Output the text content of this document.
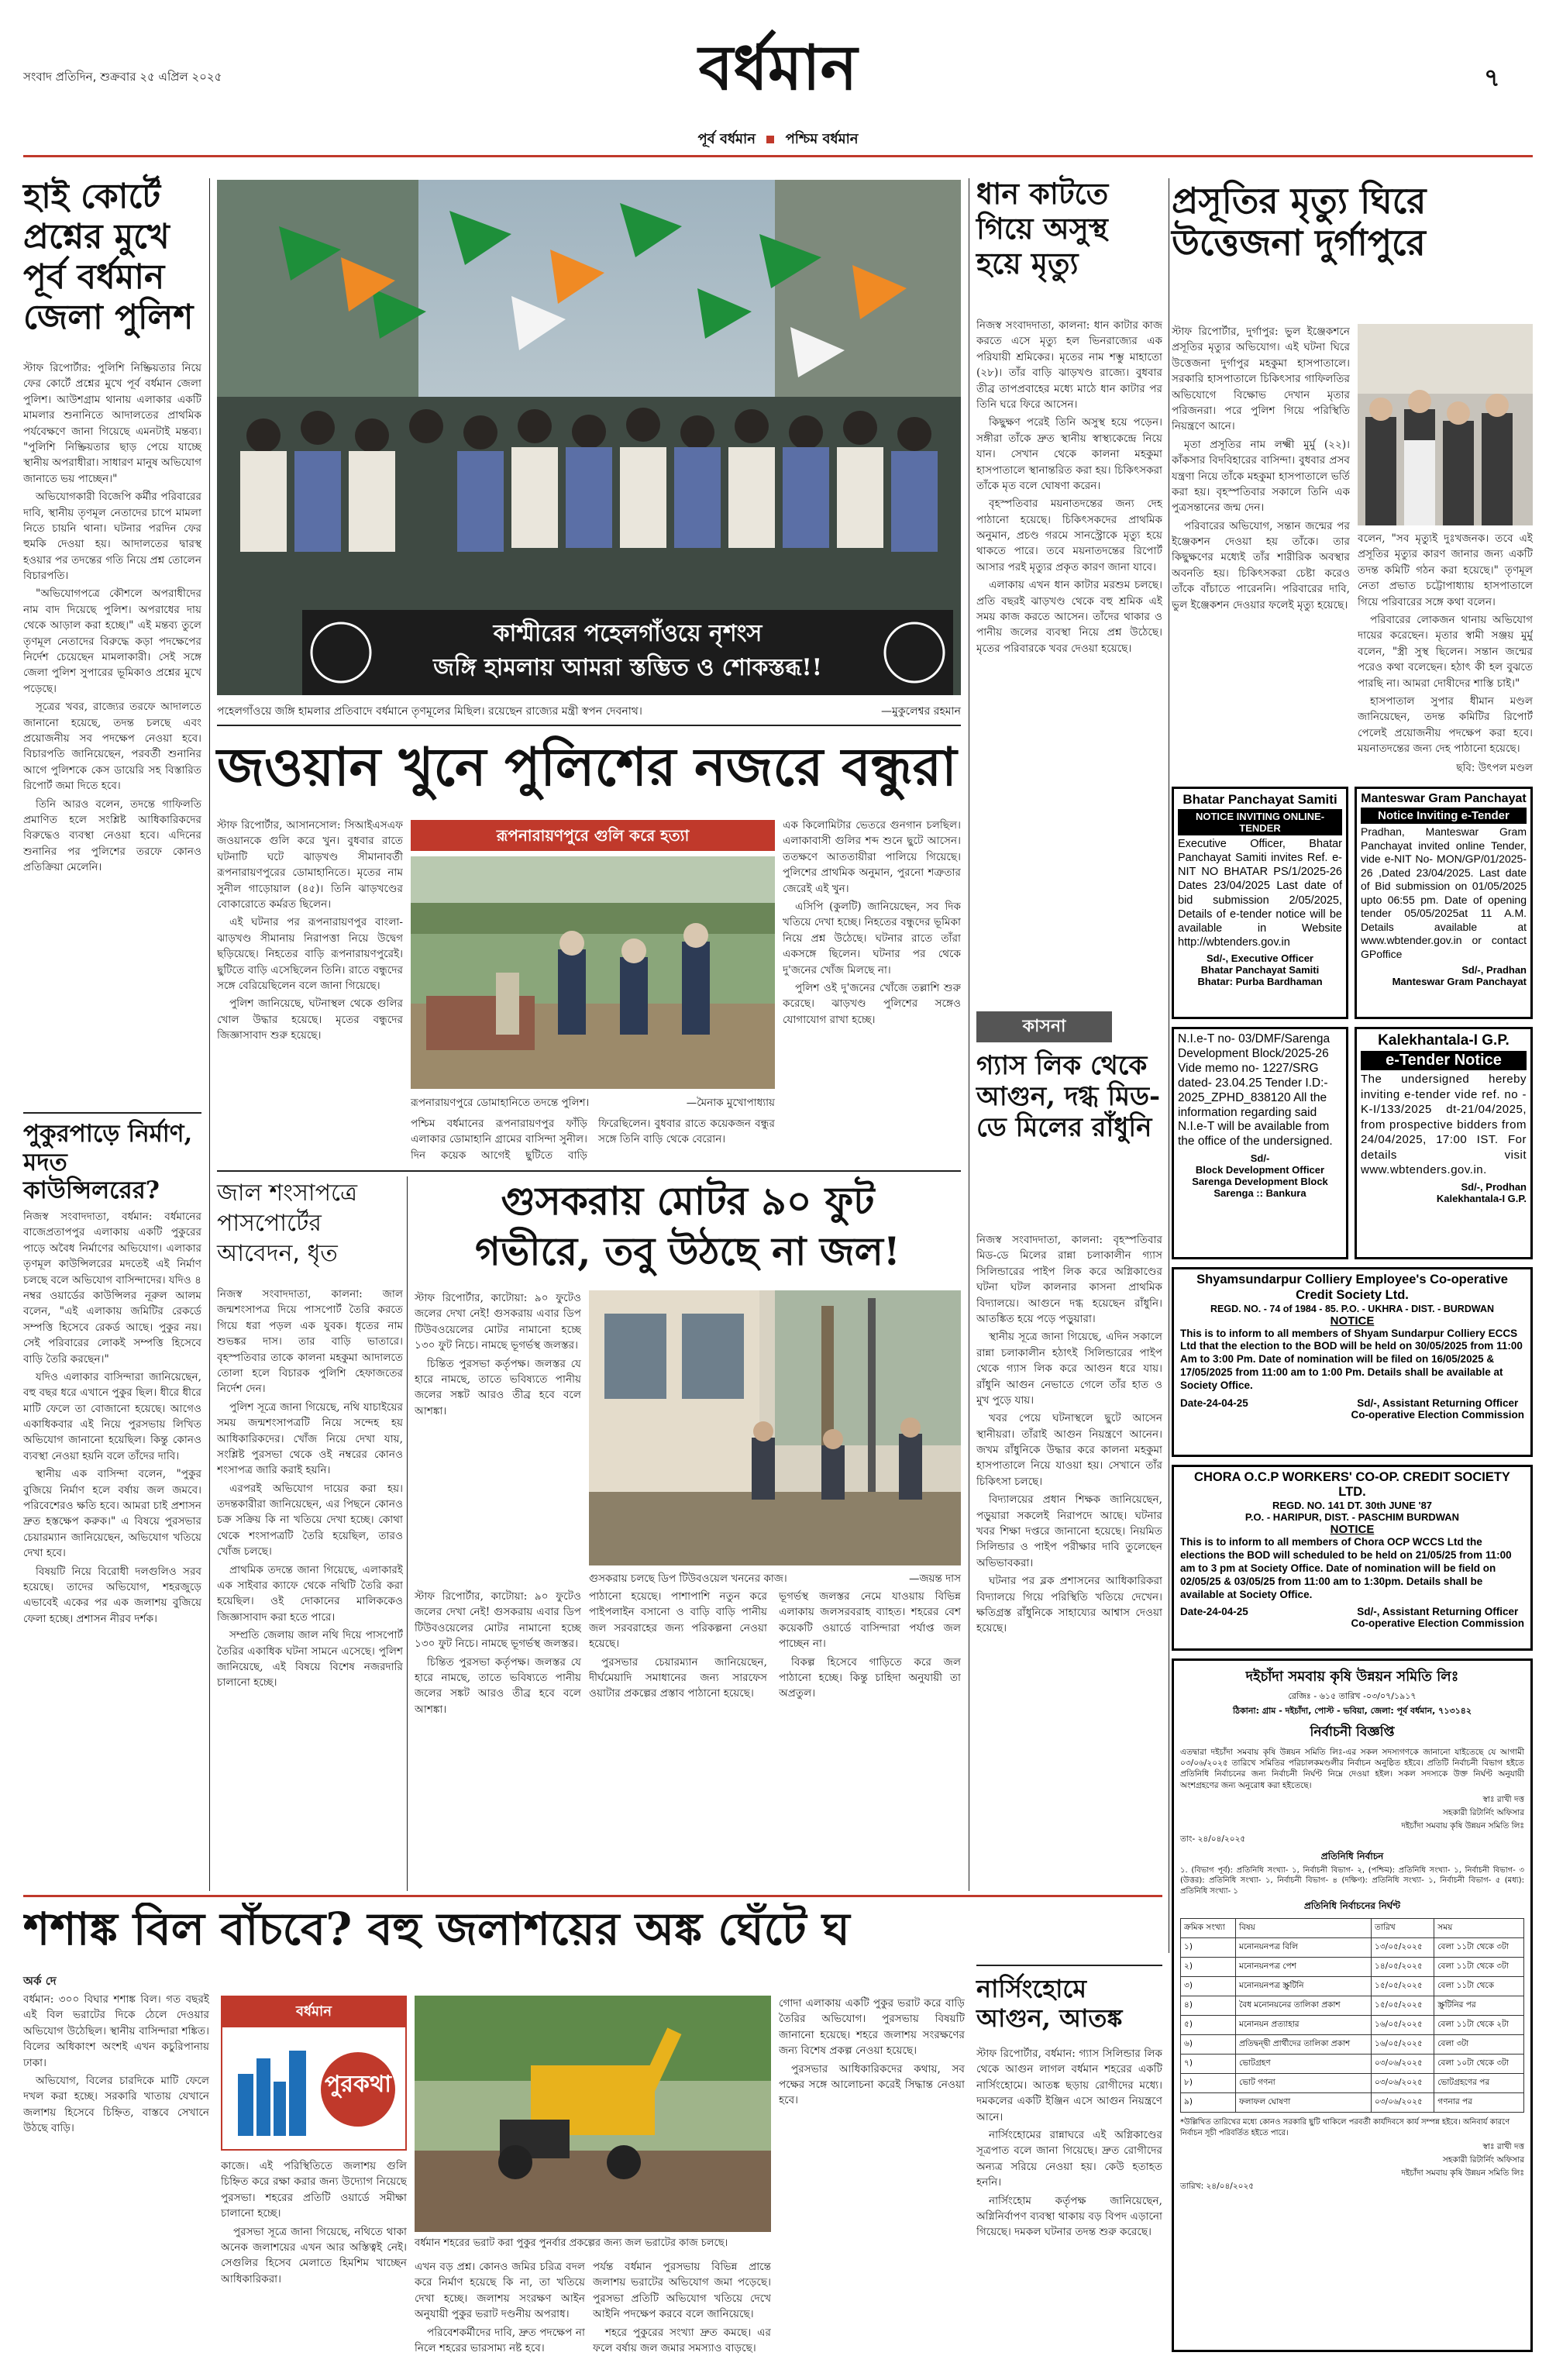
সংবাদ প্রতিদিন, শুক্রবার ২৫ এপ্রিল ২০২৫	বর্ধমান	৭
পূর্ব বর্ধমান পশ্চিম বর্ধমান
হাই কোর্টে প্রশ্নের মুখে পূর্ব বর্ধমান জেলা পুলিশ

স্টাফ রিপোর্টার: পুলিশি নিষ্ক্রিয়তার নিয়ে ফের কোর্টে প্রশ্নের মুখে পূর্ব বর্ধমান জেলা পুলিশ। আউশগ্রাম থানায় এলাকার একটি মামলার শুনানিতে আদালতের প্রাথমিক পর্যবেক্ষণে জানা গিয়েছে এমনটাই মন্তব্য। "পুলিশি নিষ্ক্রিয়তার ছাড় পেয়ে যাচ্ছে স্থানীয় অপরাধীরা। সাধারণ মানুষ অভিযোগ জানাতে ভয় পাচ্ছেন।"

অভিযোগকারী বিজেপি কর্মীর পরিবারের দাবি, স্থানীয় তৃণমূল নেতাদের চাপে মামলা নিতে চায়নি থানা। ঘটনার পরদিন ফের হুমকি দেওয়া হয়। আদালতের দ্বারস্থ হওয়ার পর তদন্তের গতি নিয়ে প্রশ্ন তোলেন বিচারপতি।

"অভিযোগপত্রে কৌশলে অপরাধীদের নাম বাদ দিয়েছে পুলিশ। অপরাধের দায় থেকে আড়াল করা হচ্ছে।" এই মন্তব্য তুলে তৃণমূল নেতাদের বিরুদ্ধে কড়া পদক্ষেপের নির্দেশ চেয়েছেন মামলাকারী। সেই সঙ্গে জেলা পুলিশ সুপারের ভূমিকাও প্রশ্নের মুখে পড়েছে।

সূত্রের খবর, রাজ্যের তরফে আদালতে জানানো হয়েছে, তদন্ত চলছে এবং প্রয়োজনীয় সব পদক্ষেপ নেওয়া হবে। বিচারপতি জানিয়েছেন, পরবর্তী শুনানির আগে পুলিশকে কেস ডায়েরি সহ বিস্তারিত রিপোর্ট জমা দিতে হবে।

তিনি আরও বলেন, তদন্তে গাফিলতি প্রমাণিত হলে সংশ্লিষ্ট আধিকারিকদের বিরুদ্ধেও ব্যবস্থা নেওয়া হবে। এদিনের শুনানির পর পুলিশের তরফে কোনও প্রতিক্রিয়া মেলেনি।

পুকুরপাড়ে নির্মাণ, মদত কাউন্সিলরের?

নিজস্ব সংবাদদাতা, বর্ধমান: বর্ধমানের বাজেপ্রতাপপুর এলাকায় একটি পুকুরের পাড়ে অবৈধ নির্মাণের অভিযোগ। এলাকার তৃণমূল কাউন্সিলরের মদতেই এই নির্মাণ চলছে বলে অভিযোগ বাসিন্দাদের। যদিও ৪ নম্বর ওয়ার্ডের কাউন্সিলর নূরুল আলম বলেন, "এই এলাকায় জমিটির রেকর্ডে সম্পত্তি হিসেবে রেকর্ড আছে। পুকুর নয়। সেই পরিবারের লোকই সম্পত্তি হিসেবে বাড়ি তৈরি করছেন।"

যদিও এলাকার বাসিন্দারা জানিয়েছেন, বহু বছর ধরে এখানে পুকুর ছিল। ধীরে ধীরে মাটি ফেলে তা বোজানো হয়েছে। আগেও একাধিকবার এই নিয়ে পুরসভায় লিখিত অভিযোগ জানানো হয়েছিল। কিন্তু কোনও ব্যবস্থা নেওয়া হয়নি বলে তাঁদের দাবি।

স্থানীয় এক বাসিন্দা বলেন, "পুকুর বুজিয়ে নির্মাণ হলে বর্ষায় জল জমবে। পরিবেশেরও ক্ষতি হবে। আমরা চাই প্রশাসন দ্রুত হস্তক্ষেপ করুক।" এ বিষয়ে পুরসভার চেয়ারম্যান জানিয়েছেন, অভিযোগ খতিয়ে দেখা হবে।

বিষয়টি নিয়ে বিরোধী দলগুলিও সরব হয়েছে। তাদের অভিযোগ, শহরজুড়ে এভাবেই একের পর এক জলাশয় বুজিয়ে ফেলা হচ্ছে। প্রশাসন নীরব দর্শক।

কাশ্মীরের পহেলগাঁওয়ে নৃশংস
জঙ্গি হামলায় আমরা স্তম্ভিত ও শোকস্তব্ধ!!
পহেলগাঁওয়ে জঙ্গি হামলার প্রতিবাদে বর্ধমানে তৃণমূলের মিছিল। রয়েছেন রাজ্যের মন্ত্রী স্বপন দেবনাথ।	—মুকুলেশ্বর রহমান
জওয়ান খুনে পুলিশের নজরে বন্ধুরা

স্টাফ রিপোর্টার, আসানসোল: সিআইএসএফ জওয়ানকে গুলি করে খুন। বুধবার রাতে ঘটনাটি ঘটে ঝাড়খণ্ড সীমানাবর্তী রূপনারায়ণপুরের ডোমাহানিতে। মৃতের নাম সুনীল গাড়োয়াল (৪৫)। তিনি ঝাড়খণ্ডের বোকারোতে কর্মরত ছিলেন।

এই ঘটনার পর রূপনারায়ণপুর বাংলা-ঝাড়খণ্ড সীমানায় নিরাপত্তা নিয়ে উদ্বেগ ছড়িয়েছে। নিহতের বাড়ি রূপনারায়ণপুরেই। ছুটিতে বাড়ি এসেছিলেন তিনি। রাতে বন্ধুদের সঙ্গে বেরিয়েছিলেন বলে জানা গিয়েছে।

পুলিশ জানিয়েছে, ঘটনাস্থল থেকে গুলির খোল উদ্ধার হয়েছে। মৃতের বন্ধুদের জিজ্ঞাসাবাদ শুরু হয়েছে।

রূপনারায়ণপুরে গুলি করে হত্যা
রূপনারায়ণপুরে ডোমাহানিতে তদন্তে পুলিশ।	—মৈনাক মুখোপাধ্যায়

পশ্চিম বর্ধমানের রূপনারায়ণপুর ফাঁড়ি এলাকার ডোমাহানি গ্রামের বাসিন্দা সুনীল। দিন কয়েক আগেই ছুটিতে বাড়ি ফিরেছিলেন। বুধবার রাতে কয়েকজন বন্ধুর সঙ্গে তিনি বাড়ি থেকে বেরোন।

এক কিলোমিটার ভেতরে গুনগান চলছিল। এলাকাবাসী গুলির শব্দ শুনে ছুটে আসেন। ততক্ষণে আততায়ীরা পালিয়ে গিয়েছে। পুলিশের প্রাথমিক অনুমান, পুরনো শত্রুতার জেরেই এই খুন।

এসিপি (কুলটি) জানিয়েছেন, সব দিক খতিয়ে দেখা হচ্ছে। নিহতের বন্ধুদের ভূমিকা নিয়ে প্রশ্ন উঠেছে। ঘটনার রাতে তাঁরা একসঙ্গে ছিলেন। ঘটনার পর থেকে দু'জনের খোঁজ মিলছে না।

পুলিশ ওই দু'জনের খোঁজে তল্লাশি শুরু করেছে। ঝাড়খণ্ড পুলিশের সঙ্গেও যোগাযোগ রাখা হচ্ছে।

জাল শংসাপত্রে পাসপোর্টের আবেদন, ধৃত

নিজস্ব সংবাদদাতা, কালনা: জাল জন্মশংসাপত্র দিয়ে পাসপোর্ট তৈরি করতে গিয়ে ধরা পড়ল এক যুবক। ধৃতের নাম শুভঙ্কর দাস। তার বাড়ি ভাতারে। বৃহস্পতিবার তাকে কালনা মহকুমা আদালতে তোলা হলে বিচারক পুলিশি হেফাজতের নির্দেশ দেন।

পুলিশ সূত্রে জানা গিয়েছে, নথি যাচাইয়ের সময় জন্মশংসাপত্রটি নিয়ে সন্দেহ হয় আধিকারিকদের। খোঁজ নিয়ে দেখা যায়, সংশ্লিষ্ট পুরসভা থেকে ওই নম্বরের কোনও শংসাপত্র জারি করাই হয়নি।

এরপরই অভিযোগ দায়ের করা হয়। তদন্তকারীরা জানিয়েছেন, এর পিছনে কোনও চক্র সক্রিয় কি না খতিয়ে দেখা হচ্ছে। কোথা থেকে শংসাপত্রটি তৈরি হয়েছিল, তারও খোঁজ চলছে।

প্রাথমিক তদন্তে জানা গিয়েছে, এলাকারই এক সাইবার ক্যাফে থেকে নথিটি তৈরি করা হয়েছিল। ওই দোকানের মালিককেও জিজ্ঞাসাবাদ করা হতে পারে।

সম্প্রতি জেলায় জাল নথি দিয়ে পাসপোর্ট তৈরির একাধিক ঘটনা সামনে এসেছে। পুলিশ জানিয়েছে, এই বিষয়ে বিশেষ নজরদারি চালানো হচ্ছে।

গুসকরায় মোটর ৯০ ফুট
গভীরে, তবু উঠছে না জল!

স্টাফ রিপোর্টার, কাটোয়া: ৯০ ফুটেও জলের দেখা নেই! গুসকরায় এবার ডিপ টিউবওয়েলের মোটর নামানো হচ্ছে ১৩০ ফুট নিচে। নামছে ভূগর্ভস্থ জলস্তর।

চিন্তিত পুরসভা কর্তৃপক্ষ। জলস্তর যে হারে নামছে, তাতে ভবিষ্যতে পানীয় জলের সঙ্কট আরও তীব্র হবে বলে আশঙ্কা।

গুসকরায় চলছে ডিপ টিউবওয়েল খননের কাজ।	—জয়ন্ত দাস

স্টাফ রিপোর্টার, কাটোয়া: ৯০ ফুটেও জলের দেখা নেই! গুসকরায় এবার ডিপ টিউবওয়েলের মোটর নামানো হচ্ছে ১৩০ ফুট নিচে। নামছে ভূগর্ভস্থ জলস্তর।

চিন্তিত পুরসভা কর্তৃপক্ষ। জলস্তর যে হারে নামছে, তাতে ভবিষ্যতে পানীয় জলের সঙ্কট আরও তীব্র হবে বলে আশঙ্কা।

পাঠানো হয়েছে। পাশাপাশি নতুন করে পাইপলাইন বসানো ও বাড়ি বাড়ি পানীয় জল সরবরাহের জন্য পরিকল্পনা নেওয়া হয়েছে।

পুরসভার চেয়ারম্যান জানিয়েছেন, দীর্ঘমেয়াদি সমাধানের জন্য সারফেস ওয়াটার প্রকল্পের প্রস্তাব পাঠানো হয়েছে।

ভূগর্ভস্থ জলস্তর নেমে যাওয়ায় বিভিন্ন এলাকায় জলসরবরাহ ব্যাহত। শহরের বেশ কয়েকটি ওয়ার্ডে বাসিন্দারা পর্যাপ্ত জল পাচ্ছেন না।

বিকল্প হিসেবে গাড়িতে করে জল পাঠানো হচ্ছে। কিন্তু চাহিদা অনুযায়ী তা অপ্রতুল।

ধান কাটতে গিয়ে অসুস্থ হয়ে মৃত্যু

নিজস্ব সংবাদদাতা, কালনা: ধান কাটার কাজ করতে এসে মৃত্যু হল ভিনরাজ্যের এক পরিযায়ী শ্রমিকের। মৃতের নাম শম্ভু মাহাতো (২৮)। তাঁর বাড়ি ঝাড়খণ্ড রাজ্যে। বুধবার তীব্র তাপপ্রবাহের মধ্যে মাঠে ধান কাটার পর তিনি ঘরে ফিরে আসেন।

কিছুক্ষণ পরেই তিনি অসুস্থ হয়ে পড়েন। সঙ্গীরা তাঁকে দ্রুত স্থানীয় স্বাস্থ্যকেন্দ্রে নিয়ে যান। সেখান থেকে কালনা মহকুমা হাসপাতালে স্থানান্তরিত করা হয়। চিকিৎসকরা তাঁকে মৃত বলে ঘোষণা করেন।

বৃহস্পতিবার ময়নাতদন্তের জন্য দেহ পাঠানো হয়েছে। চিকিৎসকদের প্রাথমিক অনুমান, প্রচণ্ড গরমে সানস্ট্রোকে মৃত্যু হয়ে থাকতে পারে। তবে ময়নাতদন্তের রিপোর্ট আসার পরই মৃত্যুর প্রকৃত কারণ জানা যাবে।

এলাকায় এখন ধান কাটার মরশুম চলছে। প্রতি বছরই ঝাড়খণ্ড থেকে বহু শ্রমিক এই সময় কাজ করতে আসেন। তাঁদের থাকার ও পানীয় জলের ব্যবস্থা নিয়ে প্রশ্ন উঠেছে। মৃতের পরিবারকে খবর দেওয়া হয়েছে।

কাসনা
গ্যাস লিক থেকে আগুন, দগ্ধ মিড-ডে মিলের রাঁধুনি

নিজস্ব সংবাদদাতা, কালনা: বৃহস্পতিবার মিড-ডে মিলের রান্না চলাকালীন গ্যাস সিলিন্ডারের পাইপ লিক করে অগ্নিকাণ্ডের ঘটনা ঘটল কালনার কাসনা প্রাথমিক বিদ্যালয়ে। আগুনে দগ্ধ হয়েছেন রাঁধুনি। আতঙ্কিত হয়ে পড়ে পড়ুয়ারা।

স্থানীয় সূত্রে জানা গিয়েছে, এদিন সকালে রান্না চলাকালীন হঠাৎই সিলিন্ডারের পাইপ থেকে গ্যাস লিক করে আগুন ধরে যায়। রাঁধুনি আগুন নেভাতে গেলে তাঁর হাত ও মুখ পুড়ে যায়।

খবর পেয়ে ঘটনাস্থলে ছুটে আসেন স্থানীয়রা। তাঁরাই আগুন নিয়ন্ত্রণে আনেন। জখম রাঁধুনিকে উদ্ধার করে কালনা মহকুমা হাসপাতালে নিয়ে যাওয়া হয়। সেখানে তাঁর চিকিৎসা চলছে।

বিদ্যালয়ের প্রধান শিক্ষক জানিয়েছেন, পড়ুয়ারা সকলেই নিরাপদে আছে। ঘটনার খবর শিক্ষা দপ্তরে জানানো হয়েছে। নিয়মিত সিলিন্ডার ও পাইপ পরীক্ষার দাবি তুলেছেন অভিভাবকরা।

ঘটনার পর ব্লক প্রশাসনের আধিকারিকরা বিদ্যালয়ে গিয়ে পরিস্থিতি খতিয়ে দেখেন। ক্ষতিগ্রস্ত রাঁধুনিকে সাহায্যের আশ্বাস দেওয়া হয়েছে।

প্রসূতির মৃত্যু ঘিরে উত্তেজনা দুর্গাপুরে

স্টাফ রিপোর্টার, দুর্গাপুর: ভুল ইঞ্জেকশনে প্রসূতির মৃত্যুর অভিযোগ। এই ঘটনা ঘিরে উত্তেজনা দুর্গাপুর মহকুমা হাসপাতালে। সরকারি হাসপাতালে চিকিৎসার গাফিলতির অভিযোগে বিক্ষোভ দেখান মৃতার পরিজনরা। পরে পুলিশ গিয়ে পরিস্থিতি নিয়ন্ত্রণে আনে।

মৃতা প্রসূতির নাম লক্ষ্মী মুর্মু (২২)। কাঁকসার বিদবিহারের বাসিন্দা। বুধবার প্রসব যন্ত্রণা নিয়ে তাঁকে মহকুমা হাসপাতালে ভর্তি করা হয়। বৃহস্পতিবার সকালে তিনি এক পুত্রসন্তানের জন্ম দেন।

পরিবারের অভিযোগ, সন্তান জন্মের পর ইঞ্জেকশন দেওয়া হয় তাঁকে। তার কিছুক্ষণের মধ্যেই তাঁর শারীরিক অবস্থার অবনতি হয়। চিকিৎসকরা চেষ্টা করেও তাঁকে বাঁচাতে পারেননি। পরিবারের দাবি, ভুল ইঞ্জেকশন দেওয়ার ফলেই মৃত্যু হয়েছে।

বলেন, "সব মৃত্যুই দুঃখজনক। তবে এই প্রসূতির মৃত্যুর কারণ জানার জন্য একটি তদন্ত কমিটি গঠন করা হয়েছে।" তৃণমূল নেতা প্রভাত চট্টোপাধ্যায় হাসপাতালে গিয়ে পরিবারের সঙ্গে কথা বলেন।

পরিবারের লোকজন থানায় অভিযোগ দায়ের করেছেন। মৃতার স্বামী সঞ্জয় মুর্মু বলেন, "স্ত্রী সুস্থ ছিলেন। সন্তান জন্মের পরেও কথা বলেছেন। হঠাৎ কী হল বুঝতে পারছি না। আমরা দোষীদের শাস্তি চাই।"

হাসপাতাল সুপার ধীমান মণ্ডল জানিয়েছেন, তদন্ত কমিটির রিপোর্ট পেলেই প্রয়োজনীয় পদক্ষেপ করা হবে। ময়নাতদন্তের জন্য দেহ পাঠানো হয়েছে।

ছবি: উৎপল মণ্ডল
Bhatar Panchayat Samiti
NOTICE INVITING ONLINE-TENDER
Executive Officer, Bhatar Panchayat Samiti invites Ref. e-NIT NO BHATAR PS/1/2025-26 Dates 23/04/2025 Last date of bid submission 2/05/2025, Details of e-tender notice will be available in Website http://wbtenders.gov.in
Sd/-, Executive Officer
Bhatar Panchayat Samiti
Bhatar: Purba Bardhaman
Manteswar Gram Panchayat
Notice Inviting e-Tender
Pradhan, Manteswar Gram Panchayat invited online Tender, vide e-NIT No- MON/GP/01/2025-26 ,Dated 23/04/2025. Last date of Bid submission on 01/05/2025 upto 06:55 pm. Date of opening tender 05/05/2025at 11 A.M. Details available at www.wbtender.gov.in or contact GPoffice
Sd/-, Pradhan
Manteswar Gram Panchayat
N.I.e-T no- 03/DMF/Sarenga Development Block/2025-26 Vide memo no- 1227/SRG dated- 23.04.25 Tender I.D:- 2025_ZPHD_838120 All the information regarding said N.I.e-T will be available from the office of the undersigned.
Sd/-
Block Development Officer
Sarenga Development Block
Sarenga :: Bankura
Kalekhantala-I G.P.
e-Tender Notice
The undersigned hereby inviting e-tender vide ref. no - K-I/133/2025 dt-21/04/2025, from prospective bidders from 24/04/2025, 17:00 IST. For details visit www.wbtenders.gov.in.
Sd/-, Prodhan
Kalekhantala-I G.P.
Shyamsundarpur Colliery Employee's Co-operative Credit Society Ltd.
REGD. NO. - 74 of 1984 - 85. P.O. - UKHRA - DIST. - BURDWAN
NOTICE
This is to inform to all members of Shyam Sundarpur Colliery ECCS Ltd that the election to the BOD will be held on 30/05/2025 from 11:00 Am to 3:00 Pm. Date of nomination will be filed on 16/05/2025 & 17/05/2025 from 11:00 am to 1:00 Pm. Details shall be available at Society Office.
Date-24-04-25	Sd/-, Assistant Returning Officer
Co-operative Election Commission
CHORA O.C.P WORKERS' CO-OP. CREDIT SOCIETY LTD.
REGD. NO. 141 DT. 30th JUNE '87
P.O. - HARIPUR, DIST. - PASCHIM BURDWAN
NOTICE
This is to inform to all members of Chora OCP WCCS Ltd the elections the BOD will scheduled to be held on 21/05/25 from 11:00 am to 3 pm at Society Office. Date of nomination will be field on 02/05/25 & 03/05/25 from 11:00 am to 1:30pm. Details shall be available at Society Office.
Date-24-04-25	Sd/-, Assistant Returning Officer
Co-operative Election Commission
দইচাঁদা সমবায় কৃষি উন্নয়ন সমিতি লিঃ
রেজিঃ - ৬১৫ তারিখ -০৩/০৭/১৯১৭
ঠিকানা: গ্রাম - দইচাঁদা, পোস্ট - ভবিয়া, জেলা: পূর্ব বর্ধমান, ৭১৩১৪২
নির্বাচনী বিজ্ঞপ্তি
এতদ্বারা দইচাঁদা সমবায় কৃষি উন্নয়ন সমিতি লিঃ-এর সকল সদস্যগণকে জানানো যাইতেছে যে আগামী ০৩/০৬/২০২৫ তারিখে সমিতির পরিচালকমণ্ডলীর নির্বাচন অনুষ্ঠিত হইবে। প্রতিটি নির্বাচনী বিভাগ হইতে প্রতিনিধি নির্বাচনের জন্য নির্বাচনী নির্ঘণ্ট নিম্নে দেওয়া হইল। সকল সদস্যকে উক্ত নির্ঘণ্ট অনুযায়ী অংশগ্রহণের জন্য অনুরোধ করা হইতেছে।
স্বাঃ রাখী দত্ত
সহকারী রিটার্নিং অফিসার
দইচাঁদা সমবায় কৃষি উন্নয়ন সমিতি লিঃ
তাং- ২৪/০৪/২০২৫
প্রতিনিধি নির্বাচন
১. (বিভাগ পূর্ব): প্রতিনিধি সংখ্যা- ১, নির্বাচনী বিভাগ- ২, (পশ্চিম): প্রতিনিধি সংখ্যা- ১, নির্বাচনী বিভাগ- ৩ (উত্তর): প্রতিনিধি সংখ্যা- ১, নির্বাচনী বিভাগ- ৪ (দক্ষিণ): প্রতিনিধি সংখ্যা- ১, নির্বাচনী বিভাগ- ৫ (মধ্য): প্রতিনিধি সংখ্যা- ১
প্রতিনিধি নির্বাচনের নির্ঘণ্ট
ক্রমিক সংখ্যা	বিষয়	তারিখ	সময়
১)	মনোনয়নপত্র বিলি	১৩/০৫/২০২৫	বেলা ১১টা থেকে ৩টা
২)	মনোনয়নপত্র পেশ	১৪/০৫/২০২৫	বেলা ১১টা থেকে ৩টা
৩)	মনোনয়নপত্র স্ক্রুটিনি	১৫/০৫/২০২৫	বেলা ১১টা থেকে
৪)	বৈধ মনোনয়নের তালিকা প্রকাশ	১৫/০৫/২০২৫	স্ক্রুটিনির পর
৫)	মনোনয়ন প্রত্যাহার	১৬/০৫/২০২৫	বেলা ১১টা থেকে ২টা
৬)	প্রতিদ্বন্দ্বী প্রার্থীদের তালিকা প্রকাশ	১৬/০৫/২০২৫	বেলা ৩টা
৭)	ভোটগ্রহণ	০৩/০৬/২০২৫	বেলা ১০টা থেকে ৩টা
৮)	ভোট গণনা	০৩/০৬/২০২৫	ভোটগ্রহণের পর
৯)	ফলাফল ঘোষণা	০৩/০৬/২০২৫	গণনার পর
*উল্লিখিত তারিখের মধ্যে কোনও সরকারি ছুটি থাকিলে পরবর্তী কার্যদিবসে কার্য সম্পন্ন হইবে। অনিবার্য কারণে নির্বাচন সূচী পরিবর্তিত হইতে পারে।
স্বাঃ রাখী দত্ত
সহকারী রিটার্নিং অফিসার
দইচাঁদা সমবায় কৃষি উন্নয়ন সমিতি লিঃ
তারিখ: ২৪/০৪/২০২৫
নার্সিংহোমে আগুন, আতঙ্ক

স্টাফ রিপোর্টার, বর্ধমান: গ্যাস সিলিন্ডার লিক থেকে আগুন লাগল বর্ধমান শহরের একটি নার্সিংহোমে। আতঙ্ক ছড়ায় রোগীদের মধ্যে। দমকলের একটি ইঞ্জিন এসে আগুন নিয়ন্ত্রণে আনে।

নার্সিংহোমের রান্নাঘরে এই অগ্নিকাণ্ডের সূত্রপাত বলে জানা গিয়েছে। দ্রুত রোগীদের অন্যত্র সরিয়ে নেওয়া হয়। কেউ হতাহত হননি।

নার্সিংহোম কর্তৃপক্ষ জানিয়েছেন, অগ্নিনির্বাপণ ব্যবস্থা থাকায় বড় বিপদ এড়ানো গিয়েছে। দমকল ঘটনার তদন্ত শুরু করেছে।

শশাঙ্ক বিল বাঁচবে? বহু জলাশয়ের অঙ্ক ঘেঁটে ঘ
অর্ক দে

বর্ধমান: ৩০০ বিঘার শশাঙ্ক বিল। গত বছরই এই বিল ভরাটের দিকে ঠেলে দেওয়ার অভিযোগ উঠেছিল। স্থানীয় বাসিন্দারা শঙ্কিত। বিলের অধিকাংশ অংশই এখন কচুরিপানায় ঢাকা।

অভিযোগ, বিলের চারদিকে মাটি ফেলে দখল করা হচ্ছে। সরকারি খাতায় যেখানে জলাশয় হিসেবে চিহ্নিত, বাস্তবে সেখানে উঠছে বাড়ি।

বর্ধমান
পুরকথা

কাজে। এই পরিস্থিতিতে জলাশয় গুলি চিহ্নিত করে রক্ষা করার জন্য উদ্যোগ নিয়েছে পুরসভা। শহরের প্রতিটি ওয়ার্ডে সমীক্ষা চালানো হচ্ছে।

পুরসভা সূত্রে জানা গিয়েছে, নথিতে থাকা অনেক জলাশয়ের এখন আর অস্তিত্বই নেই। সেগুলির হিসেব মেলাতে হিমশিম খাচ্ছেন আধিকারিকরা।

বর্ধমান শহরের ভরাট করা পুকুর পুনর্বার প্রকল্পের জন্য জল ভরাটের কাজ চলছে।

এখন বড় প্রশ্ন। কোনও জমির চরিত্র বদল করে নির্মাণ হয়েছে কি না, তা খতিয়ে দেখা হচ্ছে। জলাশয় সংরক্ষণ আইন অনুযায়ী পুকুর ভরাট দণ্ডনীয় অপরাধ।

পরিবেশকর্মীদের দাবি, দ্রুত পদক্ষেপ না নিলে শহরের ভারসাম্য নষ্ট হবে।

পর্যন্ত বর্ধমান পুরসভায় বিভিন্ন প্রান্তে জলাশয় ভরাটের অভিযোগ জমা পড়েছে। পুরসভা প্রতিটি অভিযোগ খতিয়ে দেখে আইনি পদক্ষেপ করবে বলে জানিয়েছে।

শহরে পুকুরের সংখ্যা দ্রুত কমছে। এর ফলে বর্ষায় জল জমার সমস্যাও বাড়ছে।

গোদা এলাকায় একটি পুকুর ভরাট করে বাড়ি তৈরির অভিযোগ। পুরসভায় বিষয়টি জানানো হয়েছে। শহরে জলাশয় সংরক্ষণের জন্য বিশেষ প্রকল্প নেওয়া হয়েছে।

পুরসভার আধিকারিকদের কথায়, সব পক্ষের সঙ্গে আলোচনা করেই সিদ্ধান্ত নেওয়া হবে।
